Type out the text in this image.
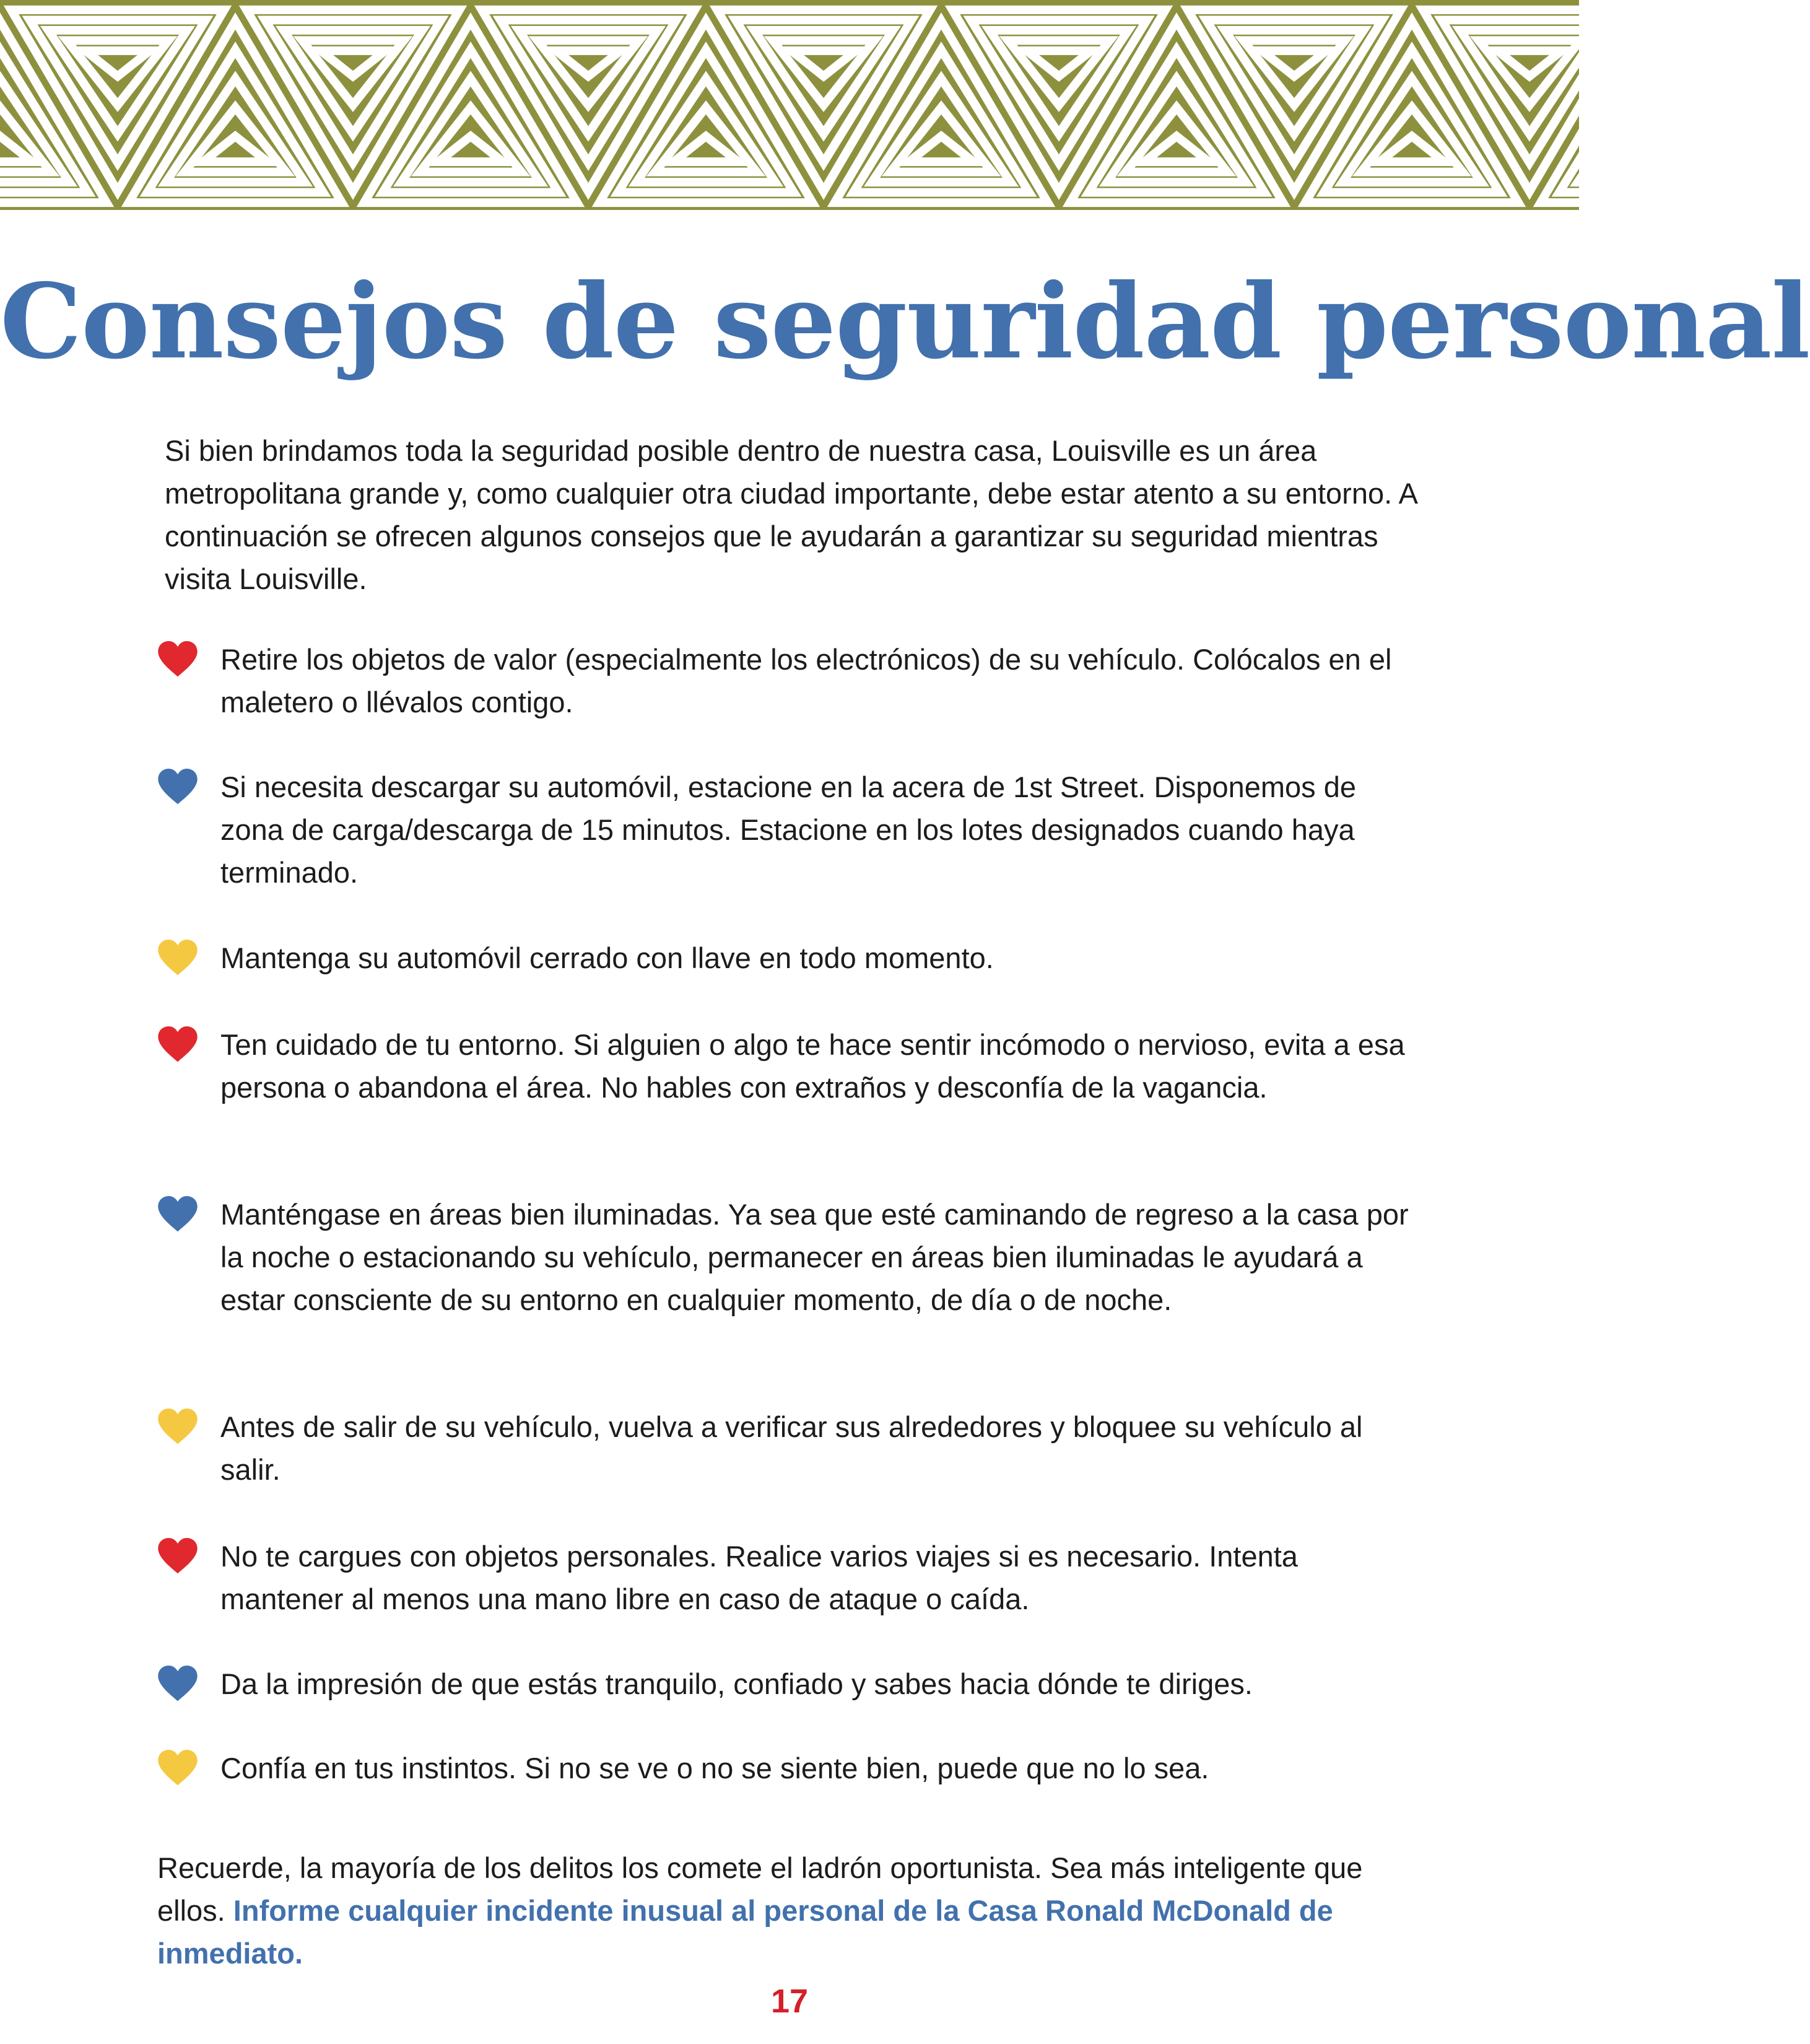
Consejos de seguridad personal

Si bien brindamos toda la seguridad posible dentro de nuestra casa, Louisville es un área metropolitana grande y, como cualquier otra ciudad importante, debe estar atento a su entorno. A continuación se ofrecen algunos consejos que le ayudarán a garantizar su seguridad mientras visita Louisville.

Retire los objetos de valor (especialmente los electrónicos) de su vehículo. Colócalos en el maletero o llévalos contigo.

Si necesita descargar su automóvil, estacione en la acera de 1st Street. Disponemos de zona de carga/descarga de 15 minutos. Estacione en los lotes designados cuando haya terminado.

Mantenga su automóvil cerrado con llave en todo momento.

Ten cuidado de tu entorno. Si alguien o algo te hace sentir incómodo o nervioso, evita a esa persona o abandona el área. No hables con extraños y desconfía de la vagancia.

Manténgase en áreas bien iluminadas. Ya sea que esté caminando de regreso a la casa por la noche o estacionando su vehículo, permanecer en áreas bien iluminadas le ayudará a estar consciente de su entorno en cualquier momento, de día o de noche.

Antes de salir de su vehículo, vuelva a verificar sus alrededores y bloquee su vehículo al salir.

No te cargues con objetos personales. Realice varios viajes si es necesario. Intenta mantener al menos una mano libre en caso de ataque o caída.

Da la impresión de que estás tranquilo, confiado y sabes hacia dónde te diriges.

Confía en tus instintos. Si no se ve o no se siente bien, puede que no lo sea.

Recuerde, la mayoría de los delitos los comete el ladrón oportunista. Sea más inteligente que ellos. Informe cualquier incidente inusual al personal de la Casa Ronald McDonald de inmediato.

17
